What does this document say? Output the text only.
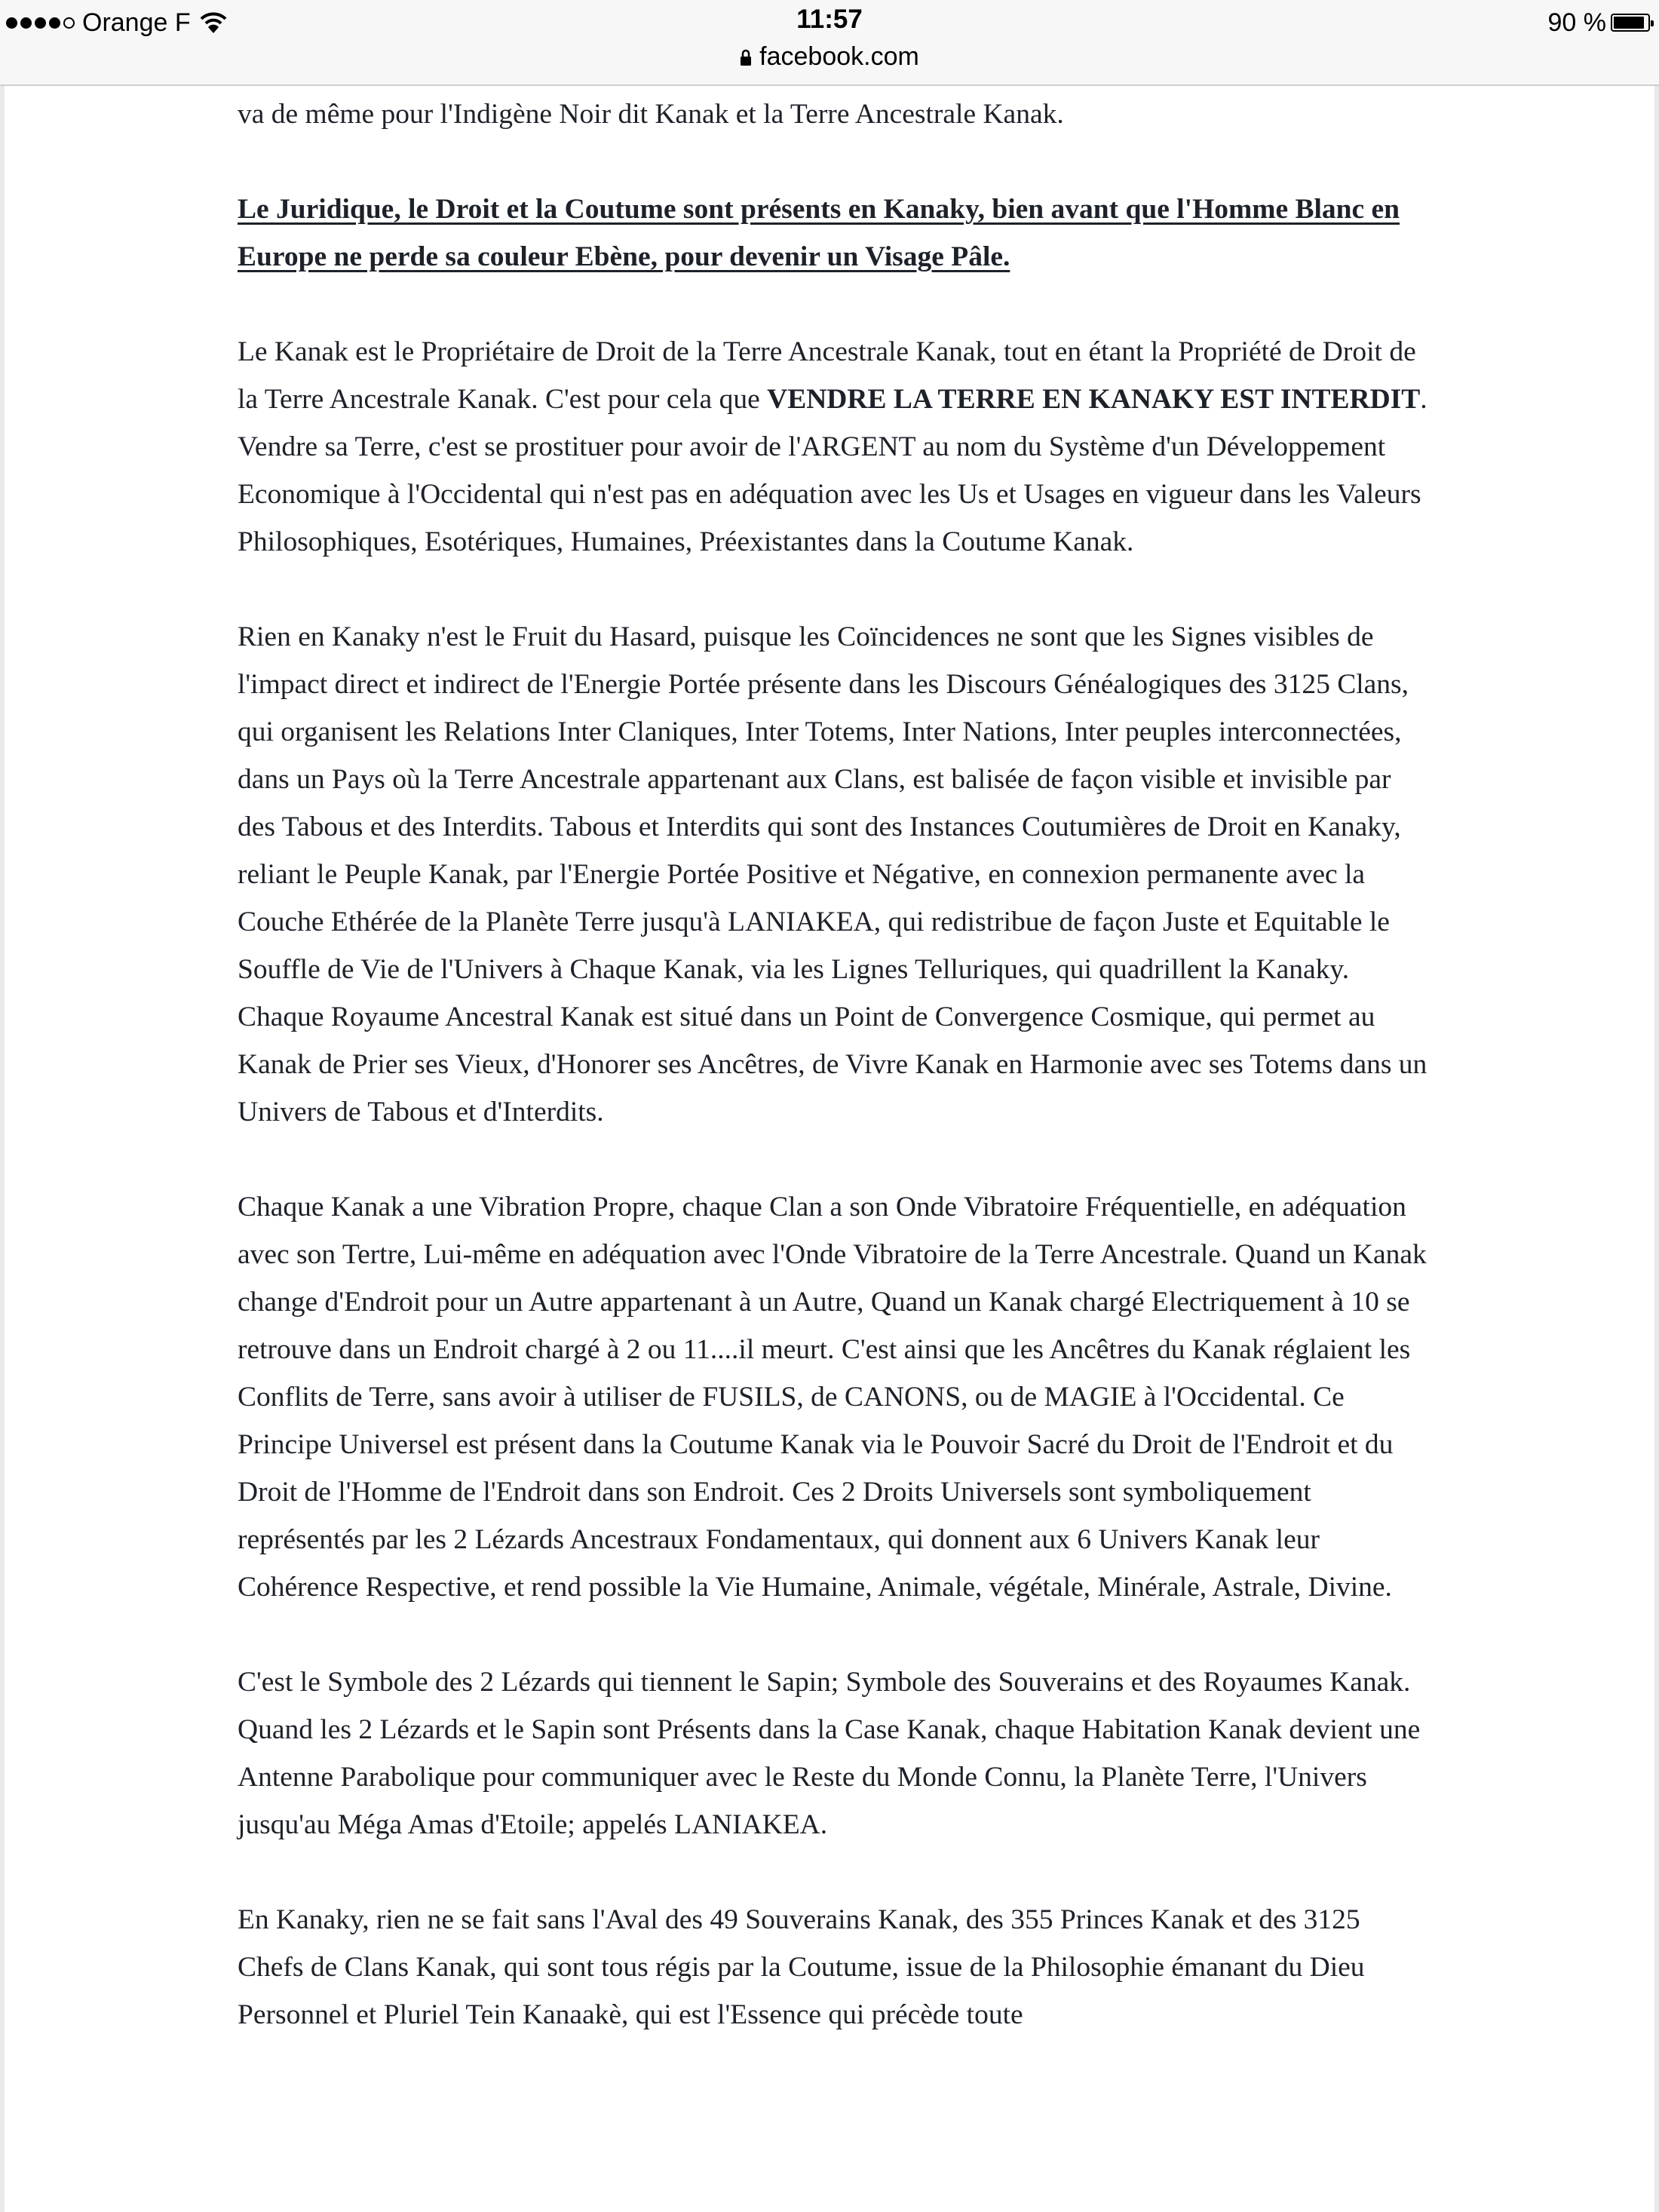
Orange F	11:57	90 %
facebook.com

va de même pour l'Indigène Noir dit Kanak et la Terre Ancestrale Kanak.

Le Juridique, le Droit et la Coutume sont présents en Kanaky, bien avant que l'Homme Blanc en Europe ne perde sa couleur Ebène, pour devenir un Visage Pâle.

Le Kanak est le Propriétaire de Droit de la Terre Ancestrale Kanak, tout en étant la Propriété de Droit de la Terre Ancestrale Kanak. C'est pour cela que VENDRE LA TERRE EN KANAKY EST INTERDIT. Vendre sa Terre, c'est se prostituer pour avoir de l'ARGENT au nom du Système d'un Développement Economique à l'Occidental qui n'est pas en adéquation avec les Us et Usages en vigueur dans les Valeurs Philosophiques, Esotériques, Humaines, Préexistantes dans la Coutume Kanak.

Rien en Kanaky n'est le Fruit du Hasard, puisque les Coïncidences ne sont que les Signes visibles de l'impact direct et indirect de l'Energie Portée présente dans les Discours Généalogiques des 3125 Clans, qui organisent les Relations Inter Claniques, Inter Totems, Inter Nations, Inter peuples interconnectées, dans un Pays où la Terre Ancestrale appartenant aux Clans, est balisée de façon visible et invisible par des Tabous et des Interdits. Tabous et Interdits qui sont des Instances Coutumières de Droit en Kanaky, reliant le Peuple Kanak, par l'Energie Portée Positive et Négative, en connexion permanente avec la Couche Ethérée de la Planète Terre jusqu'à LANIAKEA, qui redistribue de façon Juste et Equitable le Souffle de Vie de l'Univers à Chaque Kanak, via les Lignes Telluriques, qui quadrillent la Kanaky. Chaque Royaume Ancestral Kanak est situé dans un Point de Convergence Cosmique, qui permet au Kanak de Prier ses Vieux, d'Honorer ses Ancêtres, de Vivre Kanak en Harmonie avec ses Totems dans un Univers de Tabous et d'Interdits.

Chaque Kanak a une Vibration Propre, chaque Clan a son Onde Vibratoire Fréquentielle, en adéquation avec son Tertre, Lui-même en adéquation avec l'Onde Vibratoire de la Terre Ancestrale. Quand un Kanak change d'Endroit pour un Autre appartenant à un Autre, Quand un Kanak chargé Electriquement à 10 se retrouve dans un Endroit chargé à 2 ou 11....il meurt. C'est ainsi que les Ancêtres du Kanak réglaient les Conflits de Terre, sans avoir à utiliser de FUSILS, de CANONS, ou de MAGIE à l'Occidental. Ce Principe Universel est présent dans la Coutume Kanak via le Pouvoir Sacré du Droit de l'Endroit et du Droit de l'Homme de l'Endroit dans son Endroit. Ces 2 Droits Universels sont symboliquement représentés par les 2 Lézards Ancestraux Fondamentaux, qui donnent aux 6 Univers Kanak leur Cohérence Respective, et rend possible la Vie Humaine, Animale, végétale, Minérale, Astrale, Divine.

C'est le Symbole des 2 Lézards qui tiennent le Sapin; Symbole des Souverains et des Royaumes Kanak. Quand les 2 Lézards et le Sapin sont Présents dans la Case Kanak, chaque Habitation Kanak devient une Antenne Parabolique pour communiquer avec le Reste du Monde Connu, la Planète Terre, l'Univers jusqu'au Méga Amas d'Etoile; appelés LANIAKEA.

En Kanaky, rien ne se fait sans l'Aval des 49 Souverains Kanak, des 355 Princes Kanak et des 3125 Chefs de Clans Kanak, qui sont tous régis par la Coutume, issue de la Philosophie émanant du Dieu Personnel et Pluriel Tein Kanaakè, qui est l'Essence qui précède toute
